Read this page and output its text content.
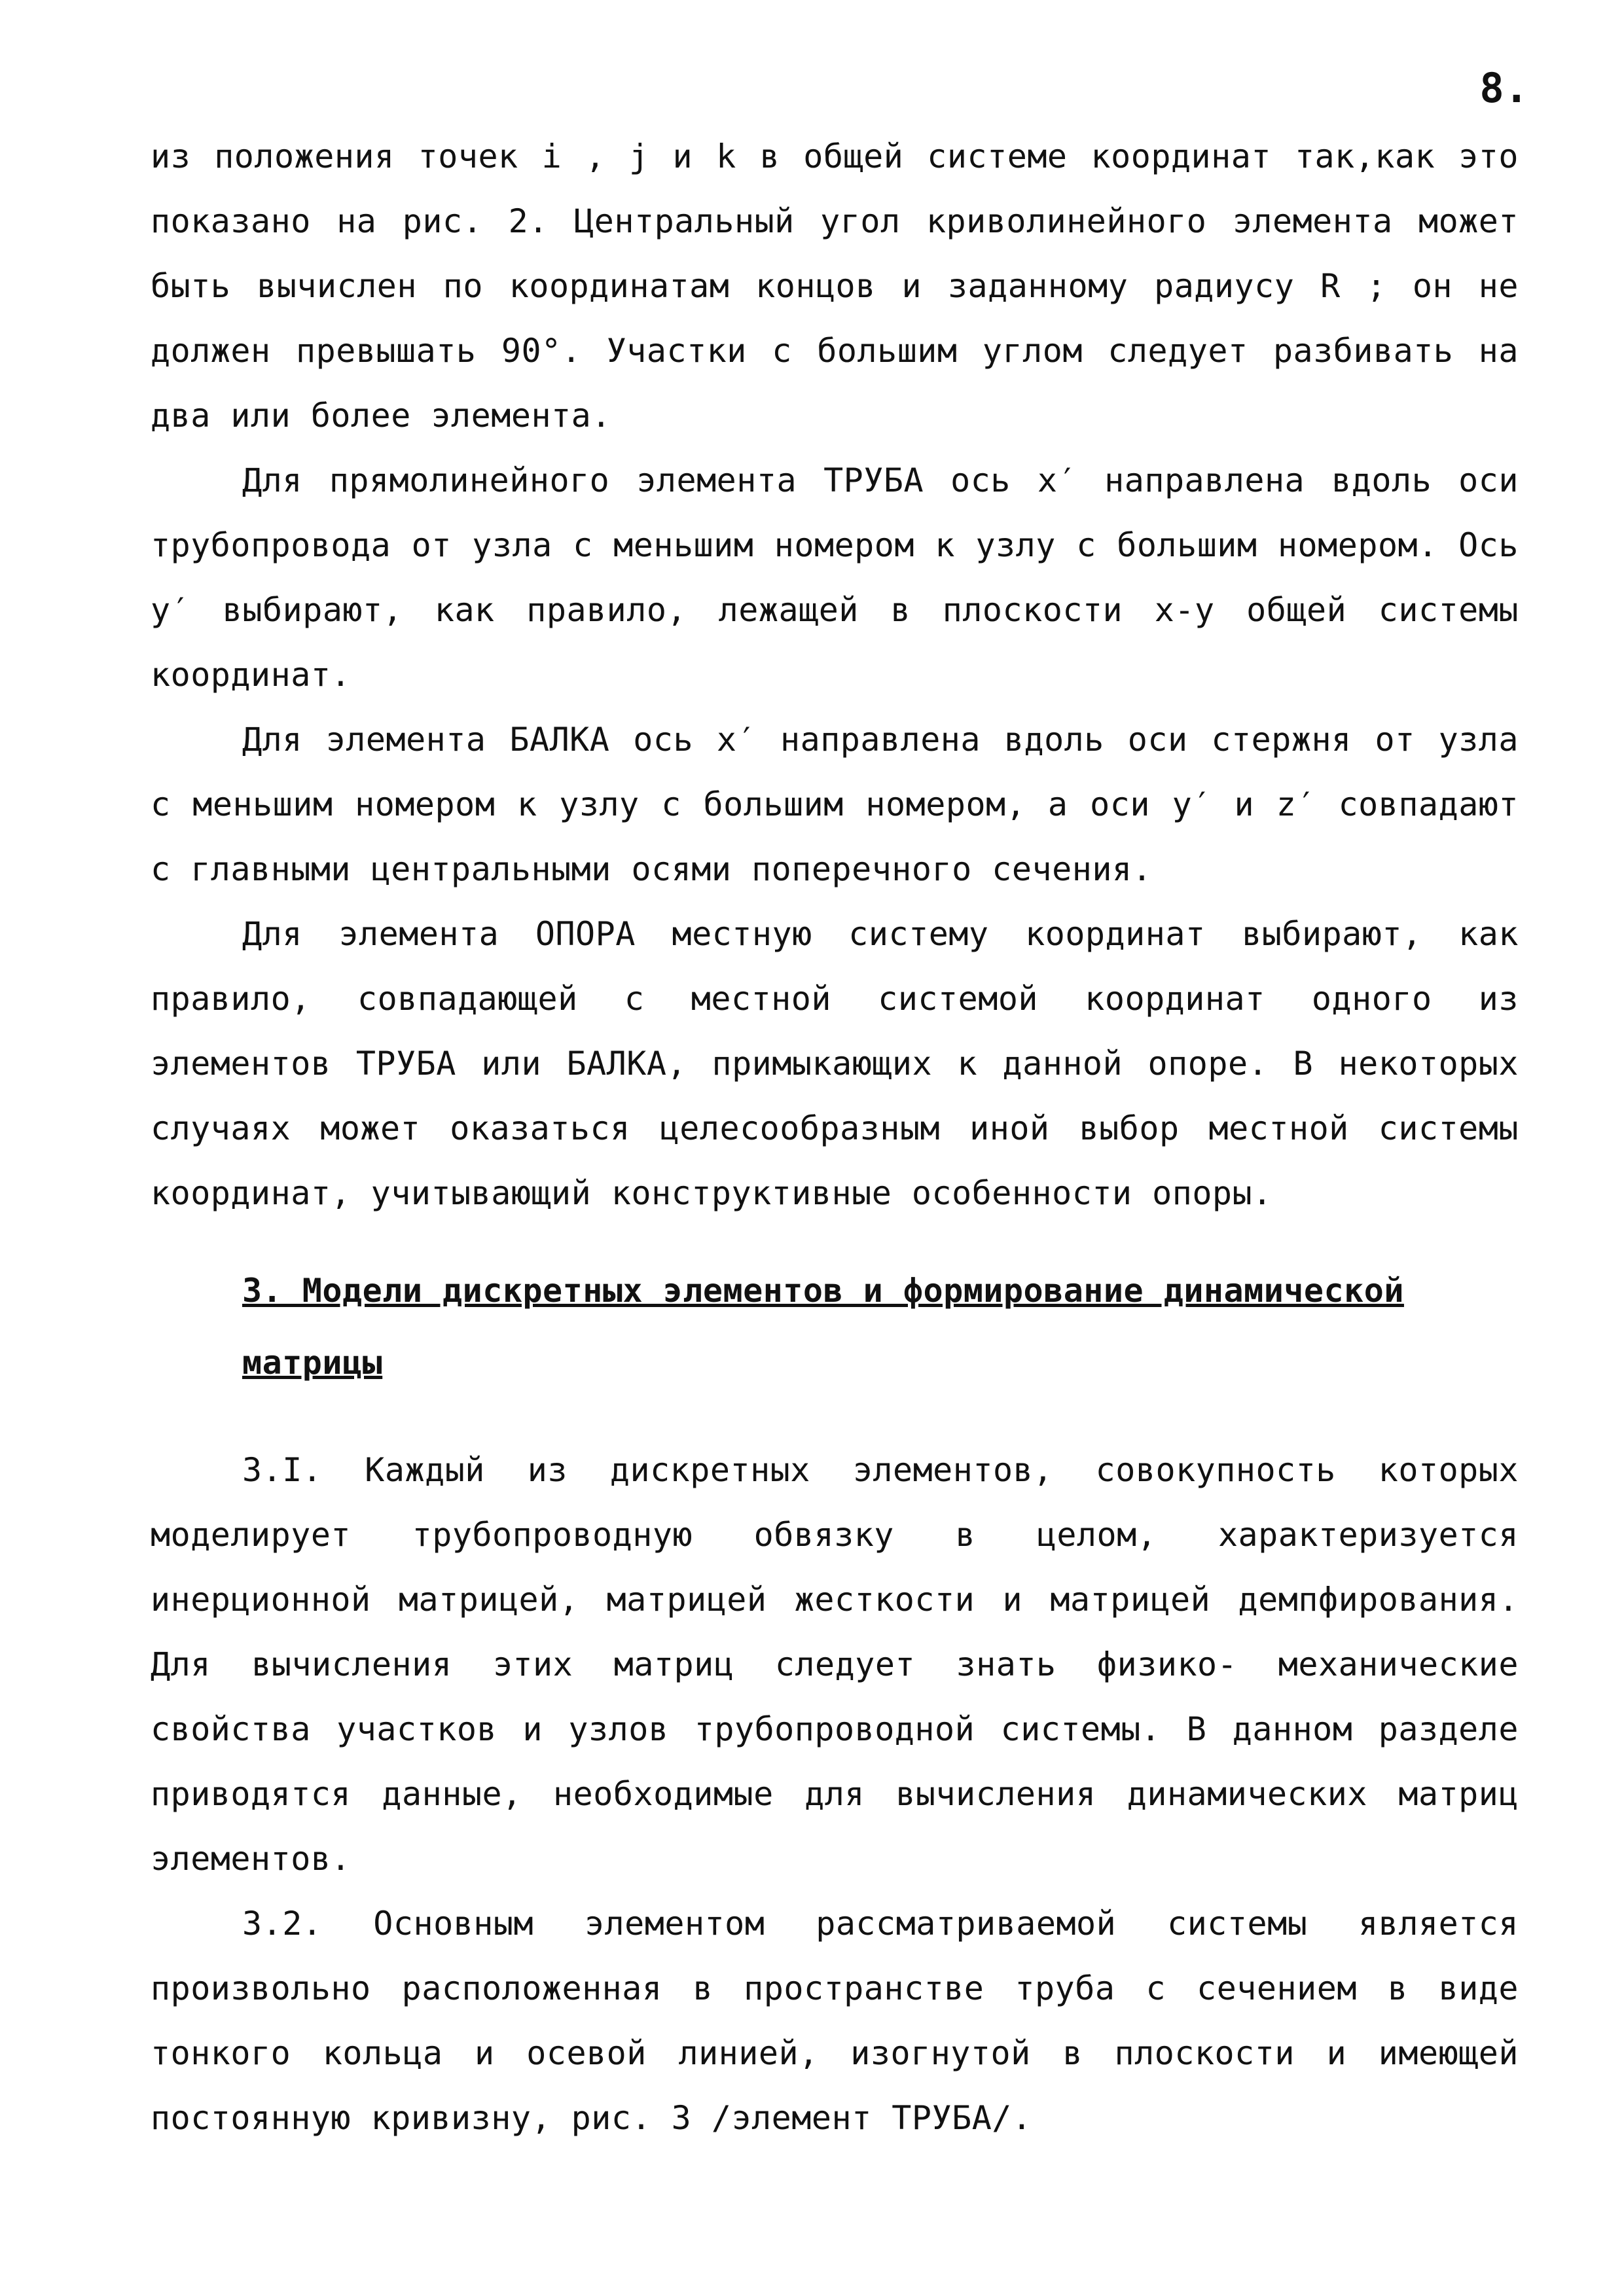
8.

из положения точек i , j и k в общей системе координат так,как это показано на рис. 2. Центральный угол криволинейного элемента может быть вычислен по координатам концов и заданному радиусу R ; он не должен превышать 90°. Участки с большим углом следует разбивать на два или более элемента.

Для прямолинейного элемента ТРУБА ось x′ направлена вдоль оси трубопровода от узла с меньшим номером к узлу с большим номером. Ось y′ выбирают, как правило, лежащей в плоскости x-y общей системы координат.

Для элемента БАЛКА ось x′ направлена вдоль оси стержня от узла с меньшим номером к узлу с большим номером, а оси y′ и z′ совпадают с главными центральными осями поперечного сечения.

Для элемента ОПОРА местную систему координат выбирают, как правило, совпадающей с местной системой координат одного из элементов ТРУБА или БАЛКА, примыкающих к данной опоре. В некоторых случаях может оказаться целесообразным иной выбор местной системы координат, учитывающий конструктивные особенности опоры.

3. Модели дискретных элементов и формирование динамической матрицы

3.I. Каждый из дискретных элементов, совокупность которых моделирует трубопроводную обвязку в целом, характеризуется инерционной матрицей, матрицей жесткости и матрицей демпфирования. Для вычисления этих матриц следует знать физико- механические свойства участков и узлов трубопроводной системы. В данном разделе приводятся данные, необходимые для вычисления динамических матриц элементов.

3.2. Основным элементом рассматриваемой системы является произвольно расположенная в пространстве труба с сечением в виде тонкого кольца и осевой линией, изогнутой в плоскости и имеющей постоянную кривизну, рис. 3 /элемент ТРУБА/.
